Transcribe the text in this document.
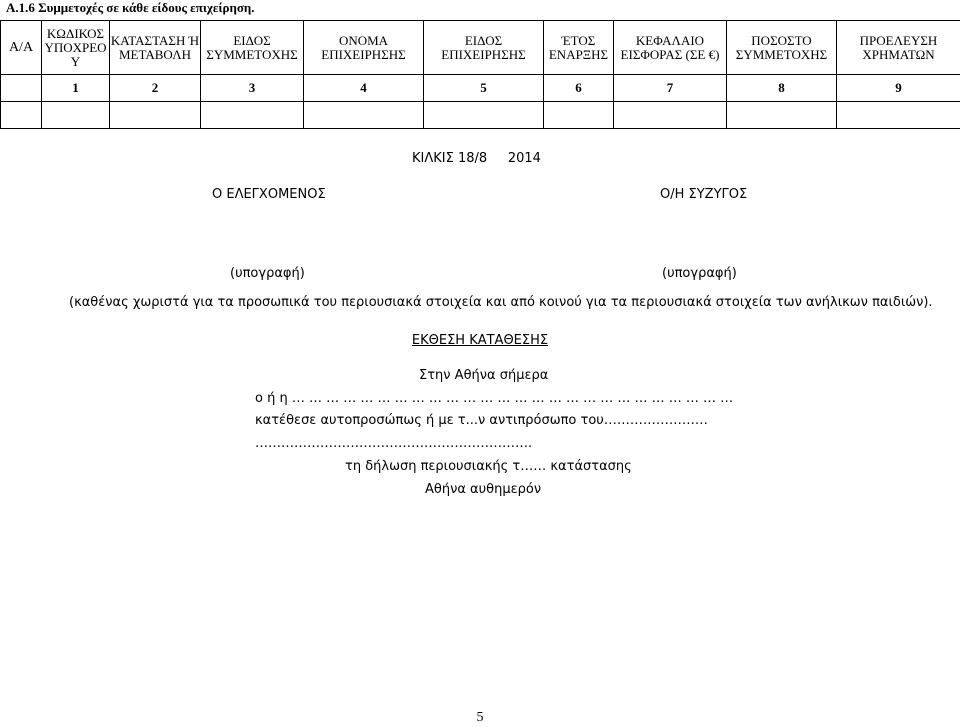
A.1.6 Συμμετοχές σε κάθε είδους επιχείρηση.
Α/Α	ΚΩΔΙΚΟΣ ΥΠΟΧΡΕΟ Υ	ΚΑΤΑΣΤΑΣΗ Ή ΜΕΤΑΒΟΛΗ	ΕΙΔΟΣ ΣΥΜΜΕΤΟΧΗΣ	ΟΝΟΜΑ ΕΠΙΧΕΙΡΗΣΗΣ	ΕΙΔΟΣ ΕΠΙΧΕΙΡΗΣΗΣ	ΈΤΟΣ ΕΝΑΡΞΗΣ	ΚΕΦΑΛΑΙΟ ΕΙΣΦΟΡΑΣ (ΣΕ €)	ΠΟΣΟΣΤΟ ΣΥΜΜΕΤΟΧΗΣ	ΠΡΟΕΛΕΥΣΗ ΧΡΗΜΑΤΩΝ
	1	2	3	4	5	6	7	8	9

ΚΙΛΚΙΣ 18/8 2014
Ο ΕΛΕΓΧΟΜΕΝΟΣ	Ο/Η ΣΥΖΥΓΟΣ
(υπογραφή)	(υπογραφή)
(καθένας χωριστά για τα προσωπικά του περιουσιακά στοιχεία και από κοινού για τα περιουσιακά στοιχεία των ανήλικων παιδιών).
ΕΚΘΕΣΗ ΚΑΤΑΘΕΣΗΣ
Στην Αθήνα σήμερα
ο ή η … … … … … … … … … … … … … … … … … … … … … … … … … …
κατέθεσε αυτοπροσώπως ή με τ...ν αντιπρόσωπο του……………………
……………………………………………………….
τη δήλωση περιουσιακής τ…… κατάστασης
Αθήνα αυθημερόν
5
